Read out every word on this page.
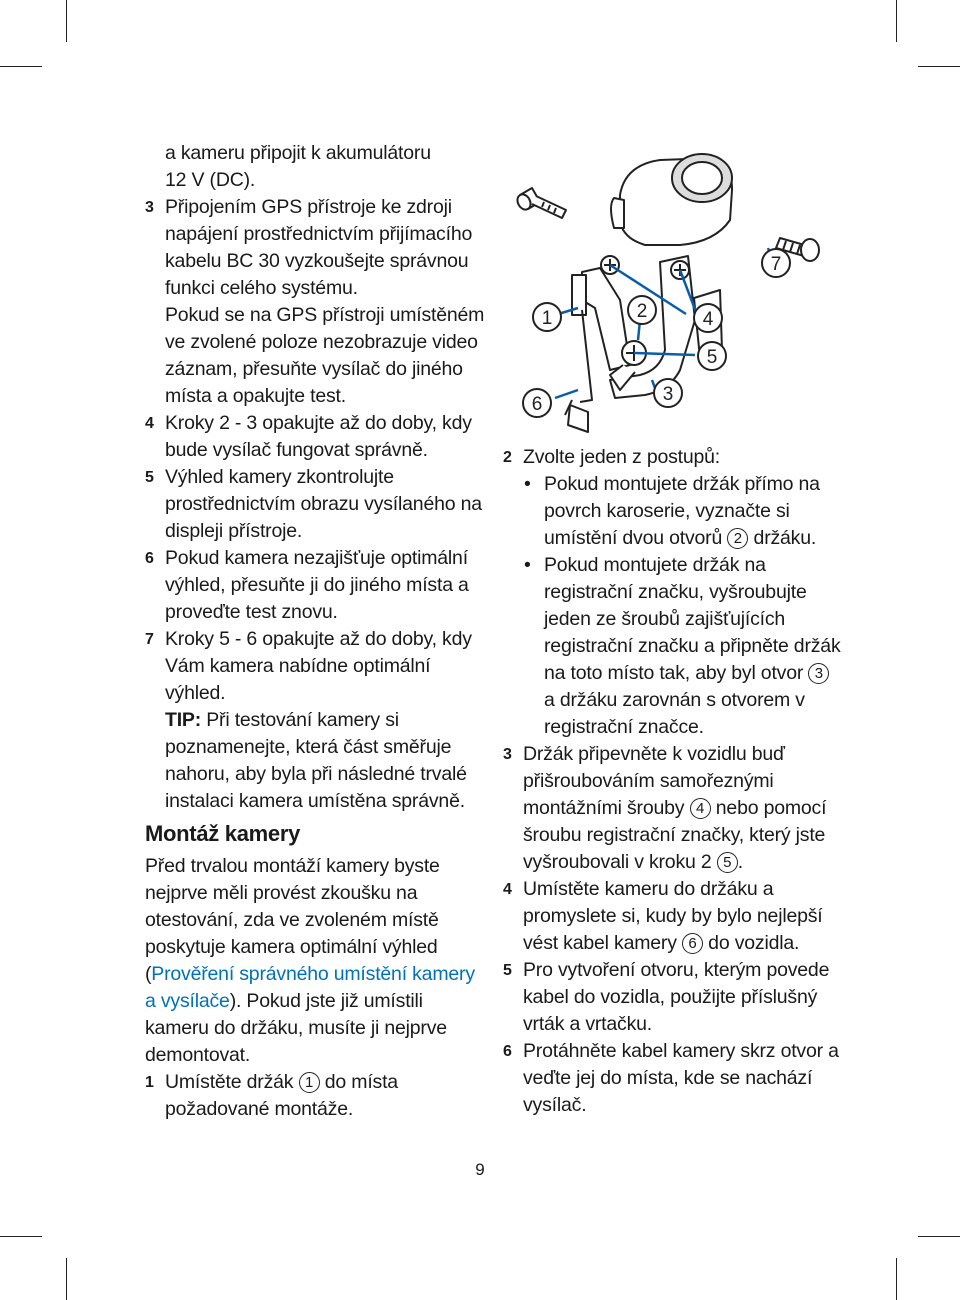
a kameru připojit k akumulátoru
12 V (DC).

3 Připojením GPS přístroje ke zdroji napájení prostřednictvím přijímacího kabelu BC 30 vyzkoušejte správnou funkci celého systému.
Pokud se na GPS přístroji umístěném ve zvolené poloze nezobrazuje video záznam, přesuňte vysílač do jiného místa a opakujte test.
4 Kroky 2 - 3 opakujte až do doby, kdy bude vysílač fungovat správně.
5 Výhled kamery zkontrolujte prostřednictvím obrazu vysílaného na displeji přístroje.
6 Pokud kamera nezajišťuje optimální výhled, přesuňte ji do jiného místa a proveďte test znovu.
7 Kroky 5 - 6 opakujte až do doby, kdy Vám kamera nabídne optimální výhled.

TIP: Při testování kamery si poznamenejte, která část směřuje nahoru, aby byla při následné trvalé instalaci kamera umístěna správně.

Montáž kamery

Před trvalou montáží kamery byste nejprve měli provést zkoušku na otestování, zda ve zvoleném místě poskytuje kamera optimální výhled (Prověření správného umístění kamery a vysílače). Pokud jste již umístili kameru do držáku, musíte ji nejprve demontovat.

1 Umístěte držák 1 do místa požadované montáže.
1	2
3
4
5
6
7
2 Zvolte jeden z postupů:
• Pokud montujete držák přímo na povrch karoserie, vyznačte si umístění dvou otvorů 2 držáku.
• Pokud montujete držák na registrační značku, vyšroubujte jeden ze šroubů zajišťujících registrační značku a připněte držák na toto místo tak, aby byl otvor 3 a držáku zarovnán s otvorem v registrační značce.
3 Držák připevněte k vozidlu buď přišroubováním samořeznými montážními šrouby 4 nebo pomocí šroubu registrační značky, který jste vyšroubovali v kroku 2 5 .
4 Umístěte kameru do držáku a promyslete si, kudy by bylo nejlepší vést kabel kamery 6 do vozidla.
5 Pro vytvoření otvoru, kterým povede kabel do vozidla, použijte příslušný vrták a vrtačku.
6 Protáhněte kabel kamery skrz otvor a veďte jej do místa, kde se nachází vysílač.
9
